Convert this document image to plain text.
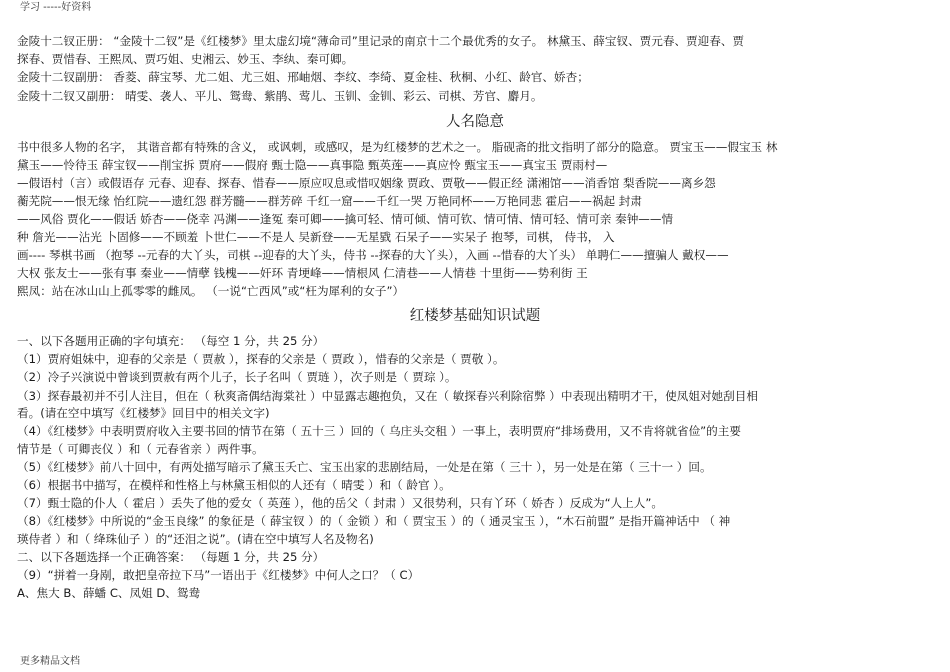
学习 -----好资料
金陵十二钗正册： “金陵十二钗”是《红楼梦》里太虚幻境“薄命司”里记录的南京十二个最优秀的女子。 林黛玉、薛宝钗、贾元春、贾迎春、贾
探春、贾惜春、王熙凤、贾巧姐、史湘云、妙玉、李纨、秦可卿。
金陵十二钗副册： 香菱、薛宝琴、尤二姐、尤三姐、邢岫烟、李纹、李绮、夏金桂、秋桐、小红、龄官、娇杏；
金陵十二钗又副册： 晴雯、袭人、平儿、鸳鸯、紫鹃、莺儿、玉钏、金钏、彩云、司棋、芳官、麝月。
人名隐意
书中很多人物的名字， 其谐音都有特殊的含义， 或讽刺，或感叹，是为红楼梦的艺术之一。 脂砚斋的批文指明了部分的隐意。 贾宝玉——假宝玉 林
黛玉——怜待玉 薛宝钗——削宝拆 贾府——假府 甄士隐——真事隐 甄英莲——真应怜 甄宝玉——真宝玉 贾雨村—
—假语村（言）或假语存 元春、迎春、探春、惜春——原应叹息或惜叹姻缘 贾政、贾敬——假正经 潇湘馆——消香馆 梨香院——离乡怨
蘅芜院——恨无缘 怡红院——遗红怨 群芳髓——群芳碎 千红一窟——千红一哭 万艳同杯——万艳同悲 霍启——祸起 封肃
——风俗 贾化——假话 娇杏——侥幸 冯渊——逢冤 秦可卿——擒可轻、情可倾、情可钦、情可情、情可轻、情可亲 秦钟——情
种 詹光——沾光 卜固修——不顾羞 卜世仁——不是人 吴新登——无星戥 石呆子——实呆子 抱琴，司棋， 侍书， 入
画---- 琴棋书画 （抱琴 --元春的大丫头，司棋 --迎春的大丫头，侍书 --探春的大丫头），入画 --惜春的大丫头） 单聘仁——擅骗人 戴权——
大权 张友士——张有事 秦业——情孽 钱槐——奸环 青埂峰——情根风 仁清巷——人情巷 十里街——势利街 王
熙凤：站在冰山山上孤零零的雌凤。 （一说“亡西风”或“枉为犀利的女子”）
红楼梦基础知识试题
一、以下各题用正确的字句填充： （每空 1 分，共 25 分）
（1）贾府姐妹中，迎春的父亲是（ 贾赦 ），探春的父亲是（ 贾政 ），惜春的父亲是（ 贾敬 ）。
（2）冷子兴演说中曾谈到贾赦有两个儿子，长子名叫（ 贾琏 ），次子则是（ 贾琮 ）。
（3）探春最初并不引人注目，但在（ 秋爽斋偶结海棠社 ）中显露志趣抱负，又在（ 敏探春兴利除宿弊 ）中表现出精明才干，使凤姐对她刮目相
看。(请在空中填写《红楼梦》回目中的相关文字)
（4）《红楼梦》中表明贾府收入主要书回的情节在第（ 五十三 ）回的（ 乌庄头交租 ）一事上，表明贾府“排场费用，又不肯将就省俭”的主要
情节是（ 可卿丧仪 ）和（ 元春省亲 ）两件事。
（5）《红楼梦》前八十回中，有两处描写暗示了黛玉夭亡、宝玉出家的悲剧结局，一处是在第（ 三十 ），另一处是在第（ 三十一 ）回。
（6）根据书中描写，在模样和性格上与林黛玉相似的人还有（ 晴雯 ）和（ 龄官 ）。
（7）甄士隐的仆人（ 霍启 ）丢失了他的爱女（ 英莲 ），他的岳父（ 封肃 ）又很势利，只有丫环（ 娇杏 ）反成为“人上人”。
（8）《红楼梦》中所说的“金玉良缘” 的象征是（ 薛宝钗 ）的（ 金锁 ）和（ 贾宝玉 ）的（ 通灵宝玉 ），“木石前盟” 是指开篇神话中 （ 神
瑛侍者 ）和（ 绛珠仙子 ）的“还泪之说”。(请在空中填写人名及物名)
二、以下各题选择一个正确答案： （每题 1 分，共 25 分）
（9）“拼着一身剐，敢把皇帝拉下马”一语出于《红楼梦》中何人之口？（ C）
A、焦大 B、薛蟠 C、凤姐 D、鸳鸯
更多精品文档
